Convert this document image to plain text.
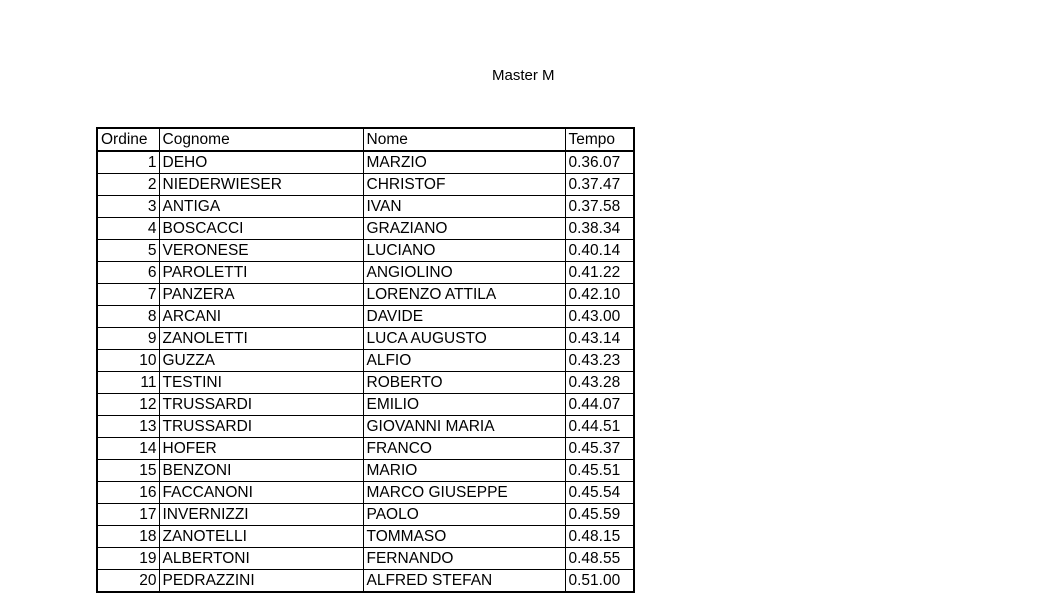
Master M
Ordine	Cognome	Nome	Tempo
1	DEHO	MARZIO	0.36.07
2	NIEDERWIESER	CHRISTOF	0.37.47
3	ANTIGA	IVAN	0.37.58
4	BOSCACCI	GRAZIANO	0.38.34
5	VERONESE	LUCIANO	0.40.14
6	PAROLETTI	ANGIOLINO	0.41.22
7	PANZERA	LORENZO ATTILA	0.42.10
8	ARCANI	DAVIDE	0.43.00
9	ZANOLETTI	LUCA AUGUSTO	0.43.14
10	GUZZA	ALFIO	0.43.23
11	TESTINI	ROBERTO	0.43.28
12	TRUSSARDI	EMILIO	0.44.07
13	TRUSSARDI	GIOVANNI MARIA	0.44.51
14	HOFER	FRANCO	0.45.37
15	BENZONI	MARIO	0.45.51
16	FACCANONI	MARCO GIUSEPPE	0.45.54
17	INVERNIZZI	PAOLO	0.45.59
18	ZANOTELLI	TOMMASO	0.48.15
19	ALBERTONI	FERNANDO	0.48.55
20	PEDRAZZINI	ALFRED STEFAN	0.51.00
